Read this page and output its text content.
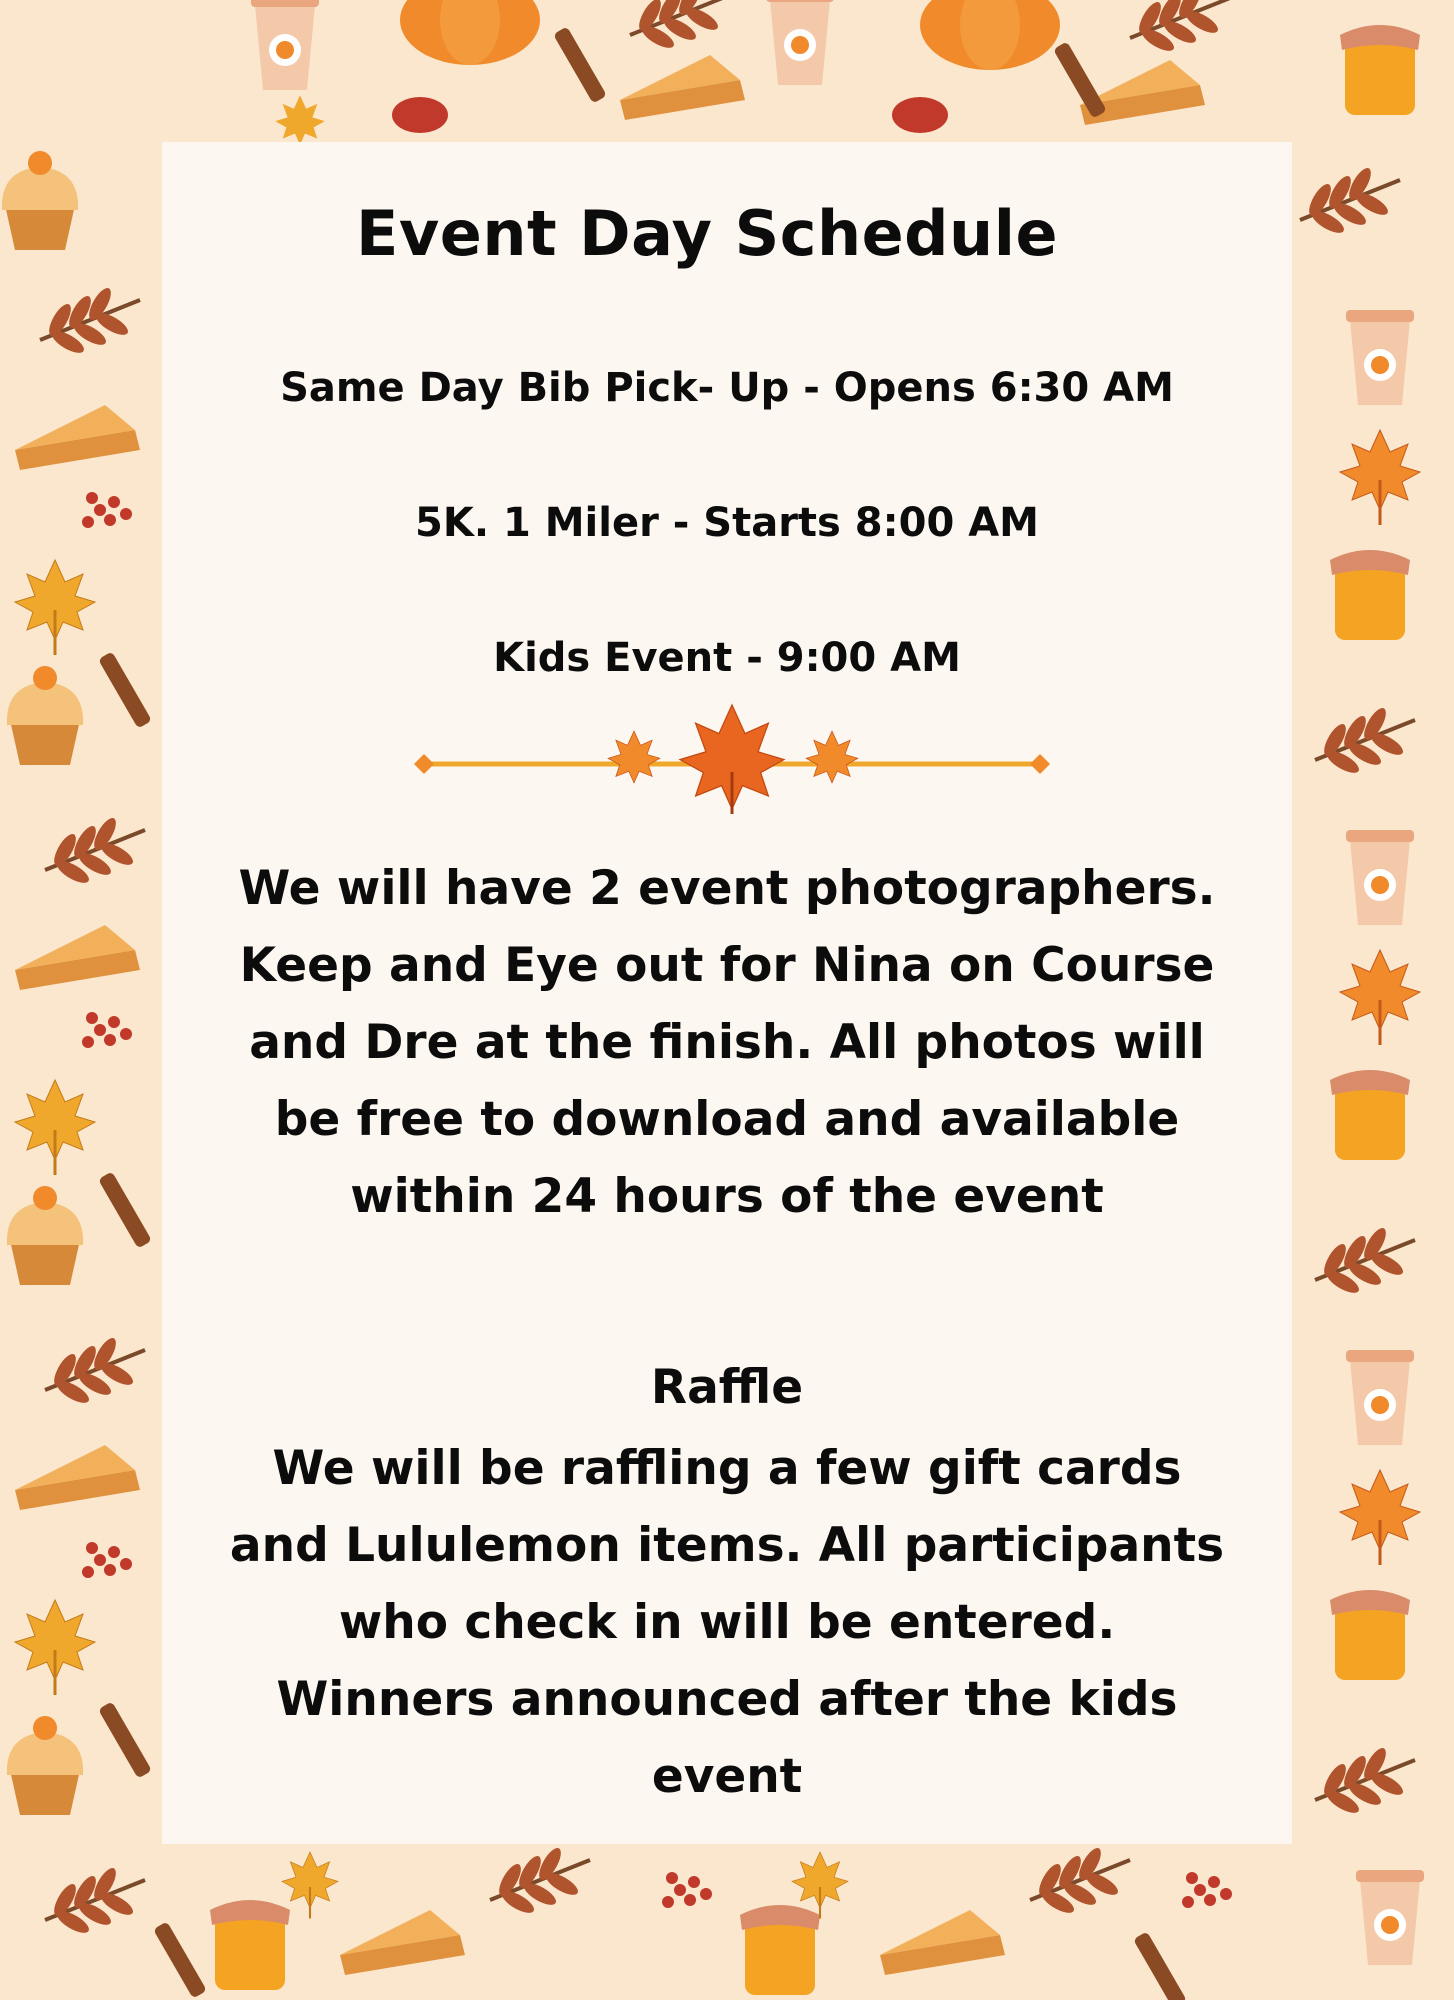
Event Day Schedule
Same Day Bib Pick- Up - Opens 6:30 AM
5K. 1 Miler - Starts 8:00 AM
Kids Event - 9:00 AM
We will have 2 event photographers. Keep and Eye out for Nina on Course and Dre at the finish. All photos will be free to download and available within 24 hours of the event
Raffle
We will be raffling a few gift cards and Lululemon items. All participants who check in will be entered. Winners announced after the kids event
